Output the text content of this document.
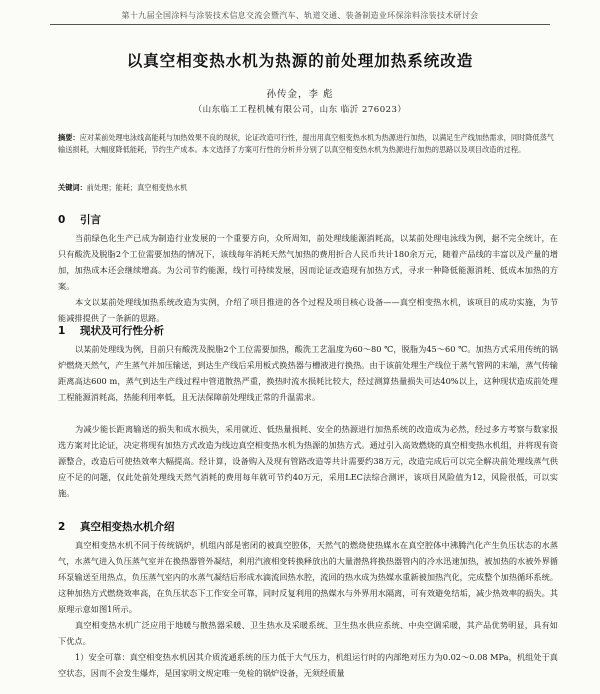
第十九届全国涂料与涂装技术信息交流会暨汽车、轨道交通、装备制造业环保涂料涂装技术研讨会
以真空相变热水机为热源的前处理加热系统改造
孙传金，李 彪
（山东临工工程机械有限公司，山东 临沂 276023）
摘要：应对某前处理电泳线高能耗与加热效果不良的现状，论证改造可行性，提出用真空相变热水机为热源进行加热，以满足生产线加热需求，同时降低蒸气输送损耗，大幅度降低能耗，节约生产成本。本文选择了方案可行性的分析并分别了以真空相变热水机为热源进行加热的思路以及项目改造的过程。
关键词：前处理；能耗；真空相变热水机
0 引言
当前绿色化生产已成为制造行业发展的一个重要方向，众所周知，前处理线能源消耗高，以某前处理电泳线为例，据不完全统计，在只有酸洗及脱脂2个工位需要加热的情况下，该线每年消耗天然气加热的费用折合人民币共计180余万元，随着产品线的丰富以及产量的增加，加热成本还会继续增高。为公司节约能源，线行可持续发展，因而论证改造现有加热方式，寻求一种降低能源消耗、低成本加热的方案。
本文以某前处理线加热系统改造为实例，介绍了项目推进的各个过程及项目核心设备——真空相变热水机，该项目的成功实施，为节能减排提供了一条新的思路。
1 现状及可行性分析
以某前处理线为例，目前只有酸洗及脱脂2个工位需要加热，酸洗工艺温度为60～80 ℃，脱脂为45～60 ℃。加热方式采用传统的锅炉燃烧天然气，产生蒸气并加压输送，到达生产线后采用板式换热器与槽液进行换热。由于该前处理生产线位于蒸气管网的末端，蒸气传输距离高达600 m，蒸气到达生产线过程中管道散热严重，换热时流水损耗比较大，经过测算热量损失可达40%以上，这种现状造成前处理工程能源消耗高，热能利用率低，且无法保障前处理线正常的升温需求。
为减少能长距离输送的损失和成水损失，采用就近、低热量损耗、安全的热源进行加热系统的改造成为必然，经过多方考察与数家报选方案对比论证，决定将现有加热方式改造为线边真空相变热水机为热源的加热方式。通过引入高效燃烧的真空相变热水机组，并将现有资源整合，改造后可使热效率大幅提高。经计算，设备购入及现有管路改造等共计需要约38万元，改造完成后可以完全解决前处理线蒸气供应不足的问题，仅此处前处理线天然气消耗的费用每年就可节约40万元，采用LEC法综合测评，该项目风险值为12，风险很低，可以实施。
2 真空相变热水机介绍
真空相变热水机不同于传统锅炉，机组内部是密闭的被真空腔体，天然气的燃烧使热媒水在真空腔体中沸腾汽化产生负压状态的水蒸气，水蒸气进入负压蒸气室并在换热器管外凝结，利用汽液相变转换释放出的大量潜热将换热器管内的冷水迅速加热，被加热的水被外界循环泵输送至用热点，负压蒸气室内的水蒸气凝结后形成水滴流回热水腔，流回的热水成为热媒水重新被加热汽化，完成整个加热循环系统。这种加热方式燃烧效率高，在负压状态下工作安全可靠，同时反复利用的热媒水与外界用水隔离，可有效避免结垢，减少热效率的损失。其原理示意如图1所示。
真空相变热水机广泛应用于地暖与散热器采暖、卫生热水及采暖系统、卫生热水供应系统、中央空调采暖，其产品优势明显，具有如下优点。
1）安全可靠：真空相变热水机因其介质流通系统的压力低于大气压力，机组运行时的内部绝对压力为0.02～0.08 MPa，机组处于真空状态，因而不会发生爆炸，是国家明文规定唯一免检的锅炉设备，无须经质量
